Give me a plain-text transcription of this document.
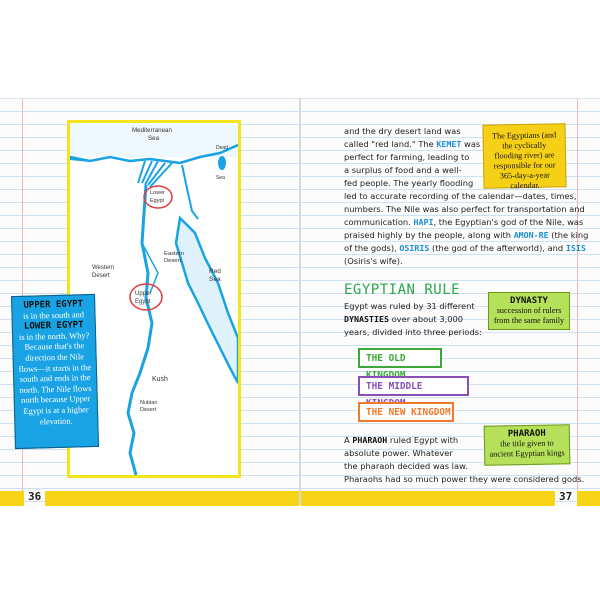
Mediterranean
Sea
Dead
Sea
Lower
Egypt
Eastern
Desert
Western
Desert
Red
Sea
Upper
Egypt
Kush
Nubian
Desert
UPPER EGYPT
is in the south and
LOWER EGYPT
is in the north. Why? Because that's the direction the Nile flows—it starts in the south and ends in the north. The Nile flows north because Upper Egypt is at a higher elevation.
36	37
and the dry desert land was
called "red land." The KEMET was
perfect for farming, leading to
a surplus of food and a well-
fed people. The yearly flooding
led to accurate recording of the calendar—dates, times,
numbers. The Nile was also perfect for transportation and
communication. HAPI, the Egyptian's god of the Nile, was
praised highly by the people, along with AMON-RE (the king
of the gods), OSIRIS (the god of the afterworld), and ISIS
(Osiris's wife).
The Egyptians (and the cyclically flooding river) are responsible for our 365-day-a-year calendar.
EGYPTIAN RULE
Egypt was ruled by 31 different
DYNASTIES over about 3,000
years, divided into three periods:
DYNASTY
succession of rulers from the same family
THE OLD
THE MIDDLE
THE NEW KINGDOM
A PHARAOH ruled Egypt with
absolute power. Whatever
the pharaoh decided was law.
Pharaohs had so much power they were considered gods.
PHARAOH
the title given to ancient Egyptian kings
